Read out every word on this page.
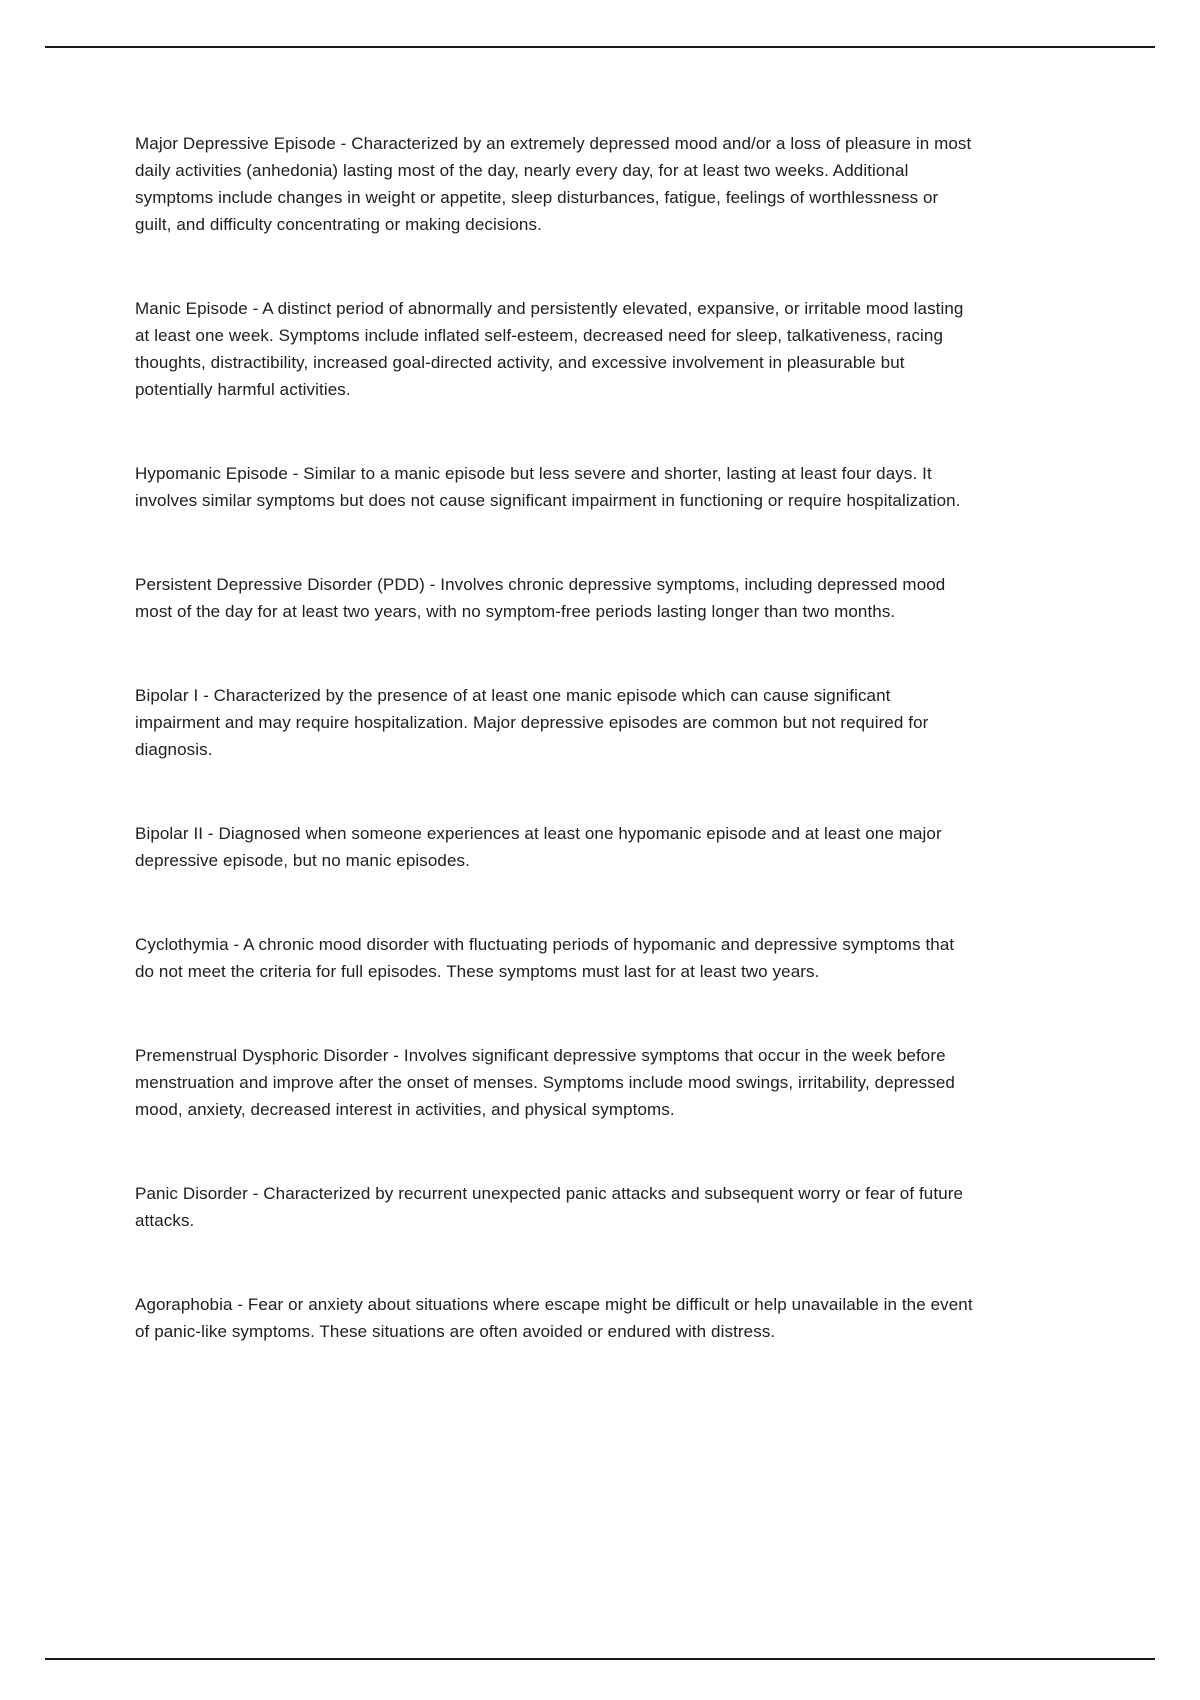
Major Depressive Episode - Characterized by an extremely depressed mood and/or a loss of pleasure in most daily activities (anhedonia) lasting most of the day, nearly every day, for at least two weeks. Additional symptoms include changes in weight or appetite, sleep disturbances, fatigue, feelings of worthlessness or guilt, and difficulty concentrating or making decisions.

Manic Episode - A distinct period of abnormally and persistently elevated, expansive, or irritable mood lasting at least one week. Symptoms include inflated self-esteem, decreased need for sleep, talkativeness, racing thoughts, distractibility, increased goal-directed activity, and excessive involvement in pleasurable but potentially harmful activities.

Hypomanic Episode - Similar to a manic episode but less severe and shorter, lasting at least four days. It involves similar symptoms but does not cause significant impairment in functioning or require hospitalization.

Persistent Depressive Disorder (PDD) - Involves chronic depressive symptoms, including depressed mood most of the day for at least two years, with no symptom-free periods lasting longer than two months.

Bipolar I - Characterized by the presence of at least one manic episode which can cause significant impairment and may require hospitalization. Major depressive episodes are common but not required for diagnosis.

Bipolar II - Diagnosed when someone experiences at least one hypomanic episode and at least one major depressive episode, but no manic episodes.

Cyclothymia - A chronic mood disorder with fluctuating periods of hypomanic and depressive symptoms that do not meet the criteria for full episodes. These symptoms must last for at least two years.

Premenstrual Dysphoric Disorder - Involves significant depressive symptoms that occur in the week before menstruation and improve after the onset of menses. Symptoms include mood swings, irritability, depressed mood, anxiety, decreased interest in activities, and physical symptoms.

Panic Disorder - Characterized by recurrent unexpected panic attacks and subsequent worry or fear of future attacks.

Agoraphobia - Fear or anxiety about situations where escape might be difficult or help unavailable in the event of panic-like symptoms. These situations are often avoided or endured with distress.
